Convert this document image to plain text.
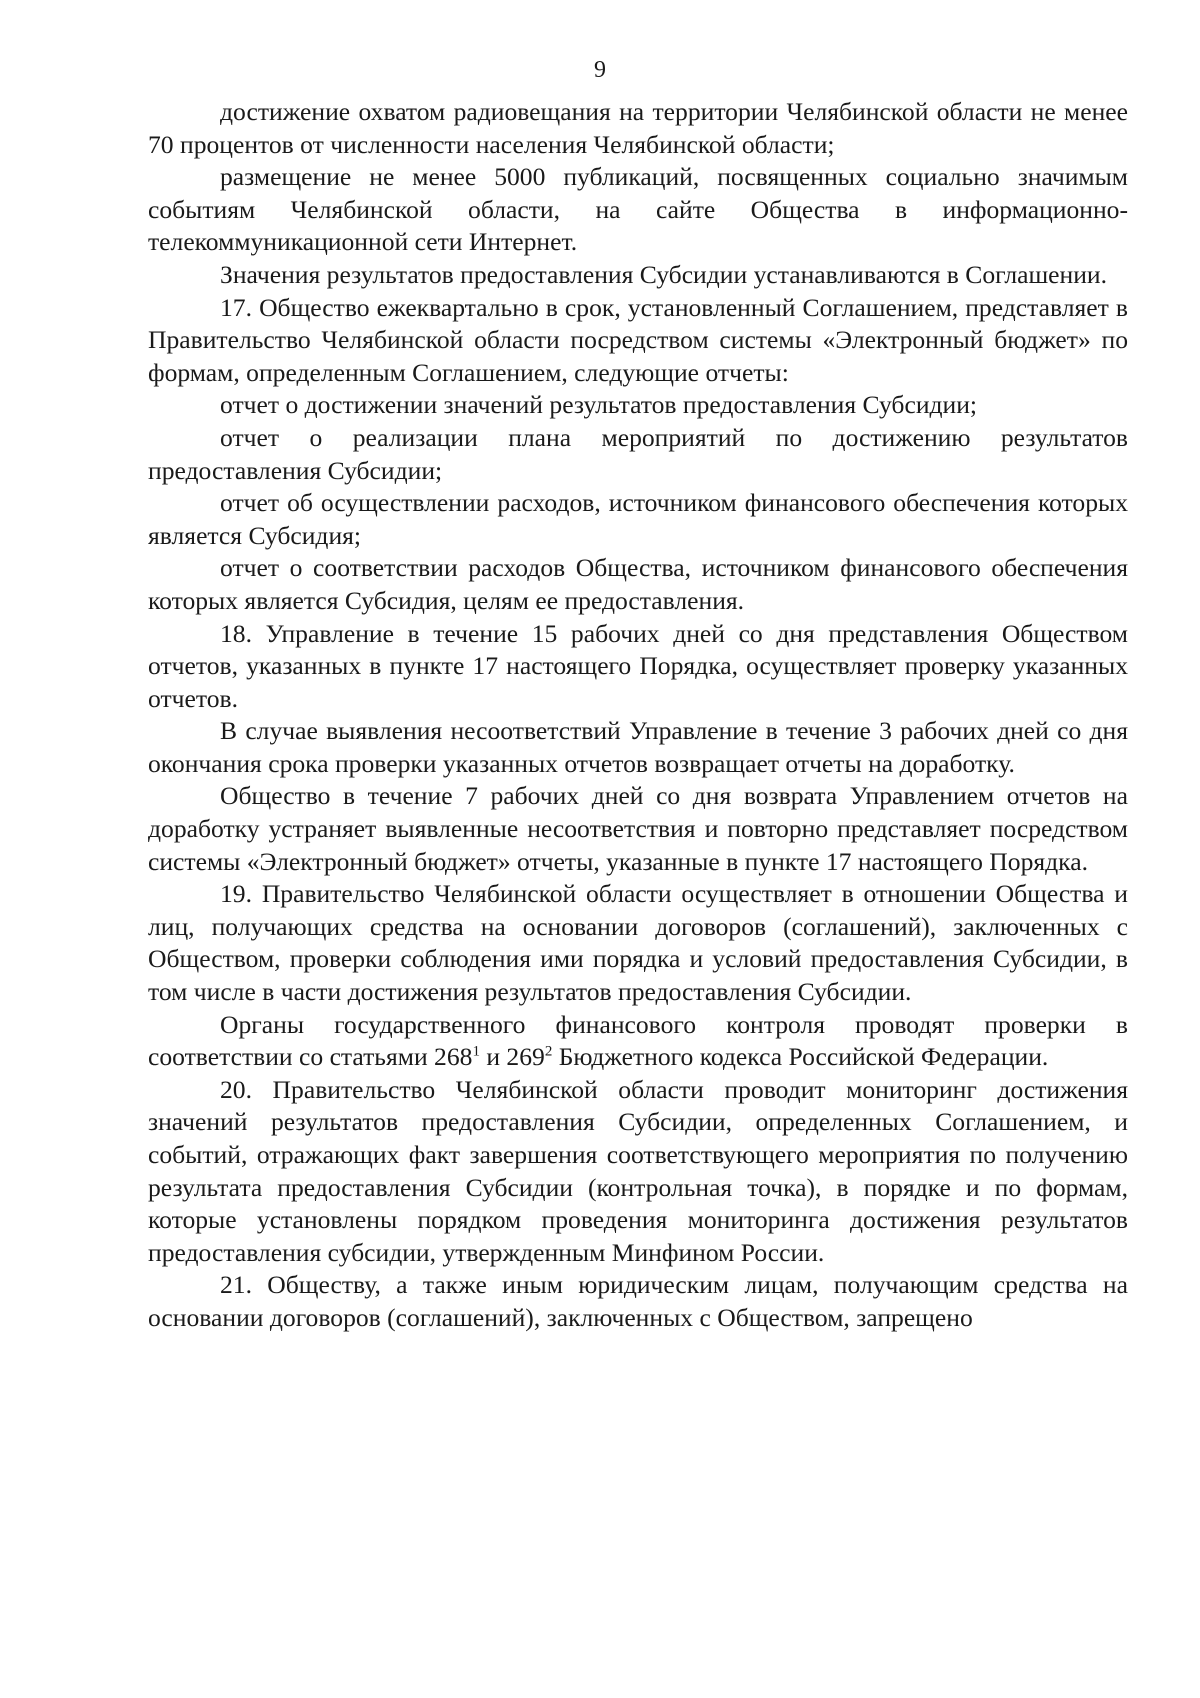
9

достижение охватом радиовещания на территории Челябинской области не менее 70 процентов от численности населения Челябинской области;

размещение не менее 5000 публикаций, посвященных социально значимым событиям Челябинской области, на сайте Общества в информационно-телекоммуникационной сети Интернет.

Значения результатов предоставления Субсидии устанавливаются в Соглашении.

17. Общество ежеквартально в срок, установленный Соглашением, представляет в Правительство Челябинской области посредством системы «Электронный бюджет» по формам, определенным Соглашением, следующие отчеты:

отчет о достижении значений результатов предоставления Субсидии;

отчет о реализации плана мероприятий по достижению результатов предоставления Субсидии;

отчет об осуществлении расходов, источником финансового обеспечения которых является Субсидия;

отчет о соответствии расходов Общества, источником финансового обеспечения которых является Субсидия, целям ее предоставления.

18. Управление в течение 15 рабочих дней со дня представления Обществом отчетов, указанных в пункте 17 настоящего Порядка, осуществляет проверку указанных отчетов.

В случае выявления несоответствий Управление в течение 3 рабочих дней со дня окончания срока проверки указанных отчетов возвращает отчеты на доработку.

Общество в течение 7 рабочих дней со дня возврата Управлением отчетов на доработку устраняет выявленные несоответствия и повторно представляет посредством системы «Электронный бюджет» отчеты, указанные в пункте 17 настоящего Порядка.

19. Правительство Челябинской области осуществляет в отношении Общества и лиц, получающих средства на основании договоров (соглашений), заключенных с Обществом, проверки соблюдения ими порядка и условий предоставления Субсидии, в том числе в части достижения результатов предоставления Субсидии.

Органы государственного финансового контроля проводят проверки в соответствии со статьями $268^1$ и $269^2$ Бюджетного кодекса Российской Федерации.

20. Правительство Челябинской области проводит мониторинг достижения значений результатов предоставления Субсидии, определенных Соглашением, и событий, отражающих факт завершения соответствующего мероприятия по получению результата предоставления Субсидии (контрольная точка), в порядке и по формам, которые установлены порядком проведения мониторинга достижения результатов предоставления субсидии, утвержденным Минфином России.

21. Обществу, а также иным юридическим лицам, получающим средства на основании договоров (соглашений), заключенных с Обществом, запрещено
